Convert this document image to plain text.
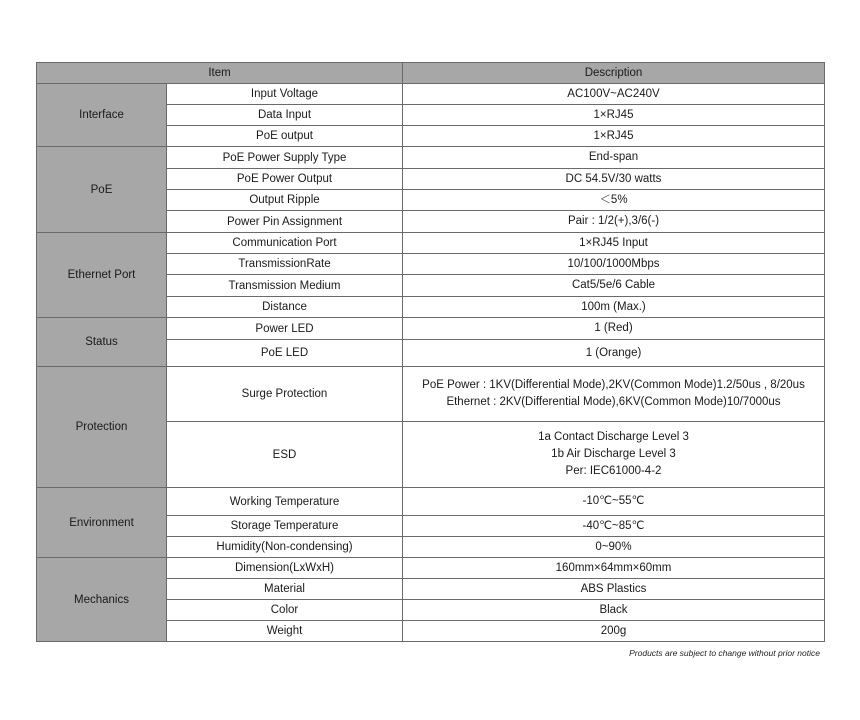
Item		Description
Interface	Input Voltage	AC100V~AC240V

	Data Input	1×RJ45

	PoE output	1×RJ45

PoE	PoE Power Supply Type	End-span

	PoE Power Output	DC 54.5V/30 watts

	Output Ripple	＜5%

	Power Pin Assignment	Pair : 1/2(+),3/6(-)

Ethernet Port	Communication Port	1×RJ45 Input

	TransmissionRate	10/100/1000Mbps

	Transmission Medium	Cat5/5e/6 Cable

	Distance	100m (Max.)

Status	Power LED	1 (Red)

	PoE LED	1 (Orange)

Protection	Surge Protection	PoE Power : 1KV(Differential Mode),2KV(Common Mode)1.2/50us , 8/20us
Ethernet : 2KV(Differential Mode),6KV(Common Mode)10/7000us

	ESD	1a Contact Discharge Level 3
1b Air Discharge Level 3
Per: IEC61000-4-2

Environment	Working Temperature	-10℃~55℃

	Storage Temperature	-40℃~85℃

	Humidity(Non-condensing)	0~90%

Mechanics	Dimension(LxWxH)	160mm×64mm×60mm

	Material	ABS Plastics

	Color	Black

	Weight	200g
Products are subject to change without prior notice
